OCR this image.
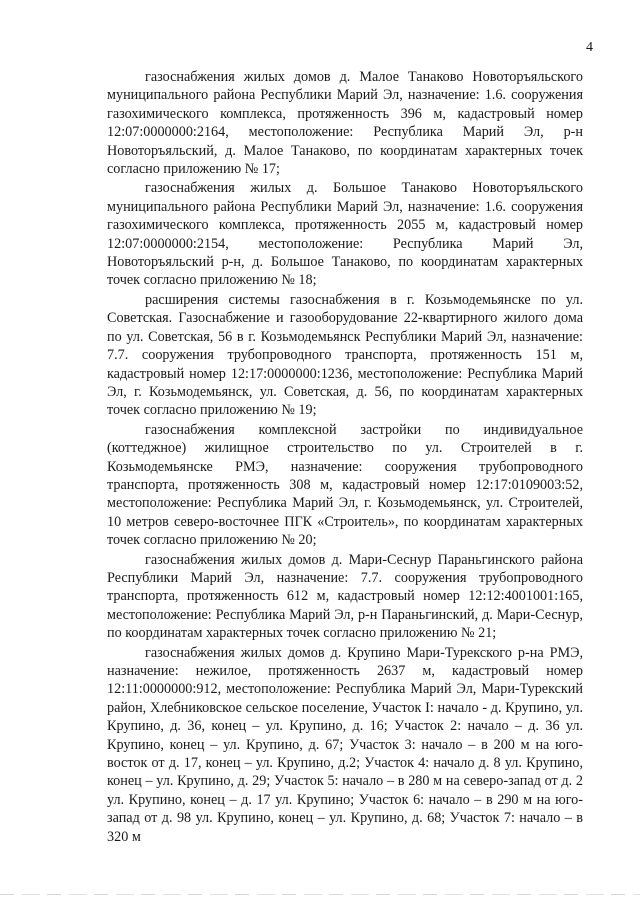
4

газоснабжения жилых домов д. Малое Танаково Новоторъяльского муниципального района Республики Марий Эл, назначение: 1.6. сооружения газохимического комплекса, протяженность 396 м, кадастровый номер 12:07:0000000:2164, местоположение: Республика Марий Эл, р-н Новоторъяльский, д. Малое Танаково, по координатам характерных точек согласно приложению № 17;

газоснабжения жилых д. Большое Танаково Новоторъяльского муниципального района Республики Марий Эл, назначение: 1.6. сооружения газохимического комплекса, протяженность 2055 м, кадастровый номер 12:07:0000000:2154, местоположение: Республика Марий Эл, Новоторъяльский р-н, д. Большое Танаково, по координатам характерных точек согласно приложению № 18;

расширения системы газоснабжения в г. Козьмодемьянске по ул. Советская. Газоснабжение и газооборудование 22-квартирного жилого дома по ул. Советская, 56 в г. Козьмодемьянск Республики Марий Эл, назначение: 7.7. сооружения трубопроводного транспорта, протяженность 151 м, кадастровый номер 12:17:0000000:1236, местоположение: Республика Марий Эл, г. Козьмодемьянск, ул. Советская, д. 56, по координатам характерных точек согласно приложению № 19;

газоснабжения комплексной застройки по индивидуальное (коттеджное) жилищное строительство по ул. Строителей в г. Козьмодемьянске РМЭ, назначение: сооружения трубопроводного транспорта, протяженность 308 м, кадастровый номер 12:17:0109003:52, местоположение: Республика Марий Эл, г. Козьмодемьянск, ул. Строителей, 10 метров северо-восточнее ПГК «Строитель», по координатам характерных точек согласно приложению № 20;

газоснабжения жилых домов д. Мари-Сеснур Параньгинского района Республики Марий Эл, назначение: 7.7. сооружения трубопроводного транспорта, протяженность 612 м, кадастровый номер 12:12:4001001:165, местоположение: Республика Марий Эл, р-н Параньгинский, д. Мари-Сеснур, по координатам характерных точек согласно приложению № 21;

газоснабжения жилых домов д. Крупино Мари-Турекского р-на РМЭ, назначение: нежилое, протяженность 2637 м, кадастровый номер 12:11:0000000:912, местоположение: Республика Марий Эл, Мари-Турекский район, Хлебниковское сельское поселение, Участок I: начало - д. Крупино, ул. Крупино, д. 36, конец – ул. Крупино, д. 16; Участок 2: начало – д. 36 ул. Крупино, конец – ул. Крупино, д. 67; Участок 3: начало – в 200 м на юго-восток от д. 17, конец – ул. Крупино, д.2; Участок 4: начало д. 8 ул. Крупино, конец – ул. Крупино, д. 29; Участок 5: начало – в 280 м на северо-запад от д. 2 ул. Крупино, конец – д. 17 ул. Крупино; Участок 6: начало – в 290 м на юго-запад от д. 98 ул. Крупино, конец – ул. Крупино, д. 68; Участок 7: начало – в 320 м
